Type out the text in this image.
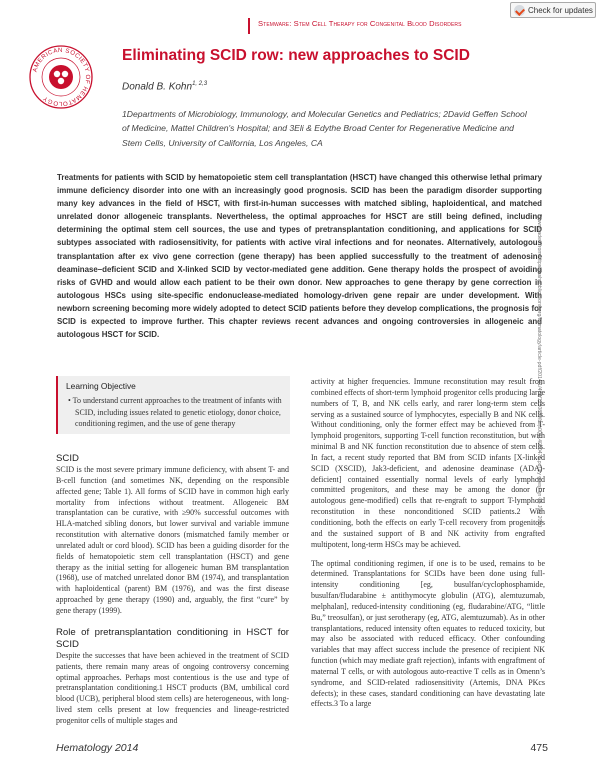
Check for updates
Stemware: Stem Cell Therapy for Congenital Blood Disorders
AMERICAN SOCIETY OF HEMATOLOGY
Eliminating SCID row: new approaches to SCID
Donald B. Kohn$^{1, 2,3}$
1Departments of Microbiology, Immunology, and Molecular Genetics and Pediatrics; 2David Geffen School of Medicine, Mattel Children's Hospital; and 3Eli & Edythe Broad Center for Regenerative Medicine and Stem Cells, University of California, Los Angeles, CA
Treatments for patients with SCID by hematopoietic stem cell transplantation (HSCT) have changed this otherwise lethal primary immune deficiency disorder into one with an increasingly good prognosis. SCID has been the paradigm disorder supporting many key advances in the field of HSCT, with first-in-human successes with matched sibling, haploidentical, and matched unrelated donor allogeneic transplants. Nevertheless, the optimal approaches for HSCT are still being defined, including determining the optimal stem cell sources, the use and types of pretransplantation conditioning, and applications for SCID subtypes associated with radiosensitivity, for patients with active viral infections and for neonates. Alternatively, autologous transplantation after ex vivo gene correction (gene therapy) has been applied successfully to the treatment of adenosine deaminase–deficient SCID and X-linked SCID by vector-mediated gene addition. Gene therapy holds the prospect of avoiding risks of GVHD and would allow each patient to be their own donor. New approaches to gene therapy by gene correction in autologous HSCs using site-specific endonuclease-mediated homology-driven gene repair are under development. With newborn screening becoming more widely adopted to detect SCID patients before they develop complications, the prognosis for SCID is expected to improve further. This chapter reviews recent advances and ongoing controversies in allogeneic and autologous HSCT for SCID.	Downloaded from https://ashpublications.org/hematology/article-pdf/2014/1/475/1250859/bep00114000475.pdf by guest on 15 July 2020
Learning Objective
• To understand current approaches to the treatment of infants with SCID, including issues related to genetic etiology, donor choice, conditioning regimen, and the use of gene therapy
SCID

SCID is the most severe primary immune deficiency, with absent T- and B-cell function (and sometimes NK, depending on the responsible affected gene; Table 1). All forms of SCID have in common high early mortality from infections without treatment. Allogeneic BM transplantation can be curative, with ≥90% successful outcomes with HLA-matched sibling donors, but lower survival and variable immune reconstitution with alternative donors (mismatched family member or unrelated adult or cord blood). SCID has been a guiding disorder for the fields of hematopoietic stem cell transplantation (HSCT) and gene therapy as the initial setting for allogeneic human BM transplantation (1968), use of matched unrelated donor BM (1974), and transplantation with haploidentical (parent) BM (1976), and was the first disease approached by gene therapy (1990) and, arguably, the first “cure” by gene therapy (1999).

Role of pretransplantation conditioning in HSCT for SCID

Despite the successes that have been achieved in the treatment of SCID patients, there remain many areas of ongoing controversy concerning optimal approaches. Perhaps most contentious is the use and type of pretransplantation conditioning.1 HSCT products (BM, umbilical cord blood (UCB), peripheral blood stem cells) are heterogeneous, with long-lived stem cells present at low frequencies and lineage-restricted progenitor cells of multiple stages and

activity at higher frequencies. Immune reconstitution may result from combined effects of short-term lymphoid progenitor cells producing large numbers of T, B, and NK cells early, and rarer long-term stem cells serving as a sustained source of lymphocytes, especially B and NK cells. Without conditioning, only the former effect may be achieved from T-lymphoid progenitors, supporting T-cell function reconstitution, but with minimal B and NK function reconstitution due to absence of stem cells. In fact, a recent study reported that BM from SCID infants [X-linked SCID (XSCID), Jak3-deficient, and adenosine deaminase (ADA)-deficient] contained essentially normal levels of early lymphoid committed progenitors, and these may be among the donor (or autologous gene-modified) cells that re-engraft to support T-lymphoid reconstitution in these nonconditioned SCID patients.2 With conditioning, both the effects on early T-cell recovery from progenitors and the sustained support of B and NK activity from engrafted multipotent, long-term HSCs may be achieved.

The optimal conditioning regimen, if one is to be used, remains to be determined. Transplantations for SCIDs have been done using full-intensity conditioning [eg, busulfan/cyclophosphamide, busulfan/fludarabine ± antithymocyte globulin (ATG), alemtuzumab, melphalan], reduced-intensity conditioning (eg, fludarabine/ATG, “little Bu,” treosulfan), or just serotherapy (eg, ATG, alemtuzumab). As in other transplantations, reduced intensity often equates to reduced toxicity, but may also be associated with reduced efficacy. Other confounding variables that may affect success include the presence of recipient NK function (which may mediate graft rejection), infants with engraftment of maternal T cells, or with autologous auto-reactive T cells as in Omenn’s syndrome, and SCID-related radiosensitivity (Artemis, DNA PKcs defects); in these cases, standard conditioning can have devastating late effects.3 To a large

Hematology 2014	475
